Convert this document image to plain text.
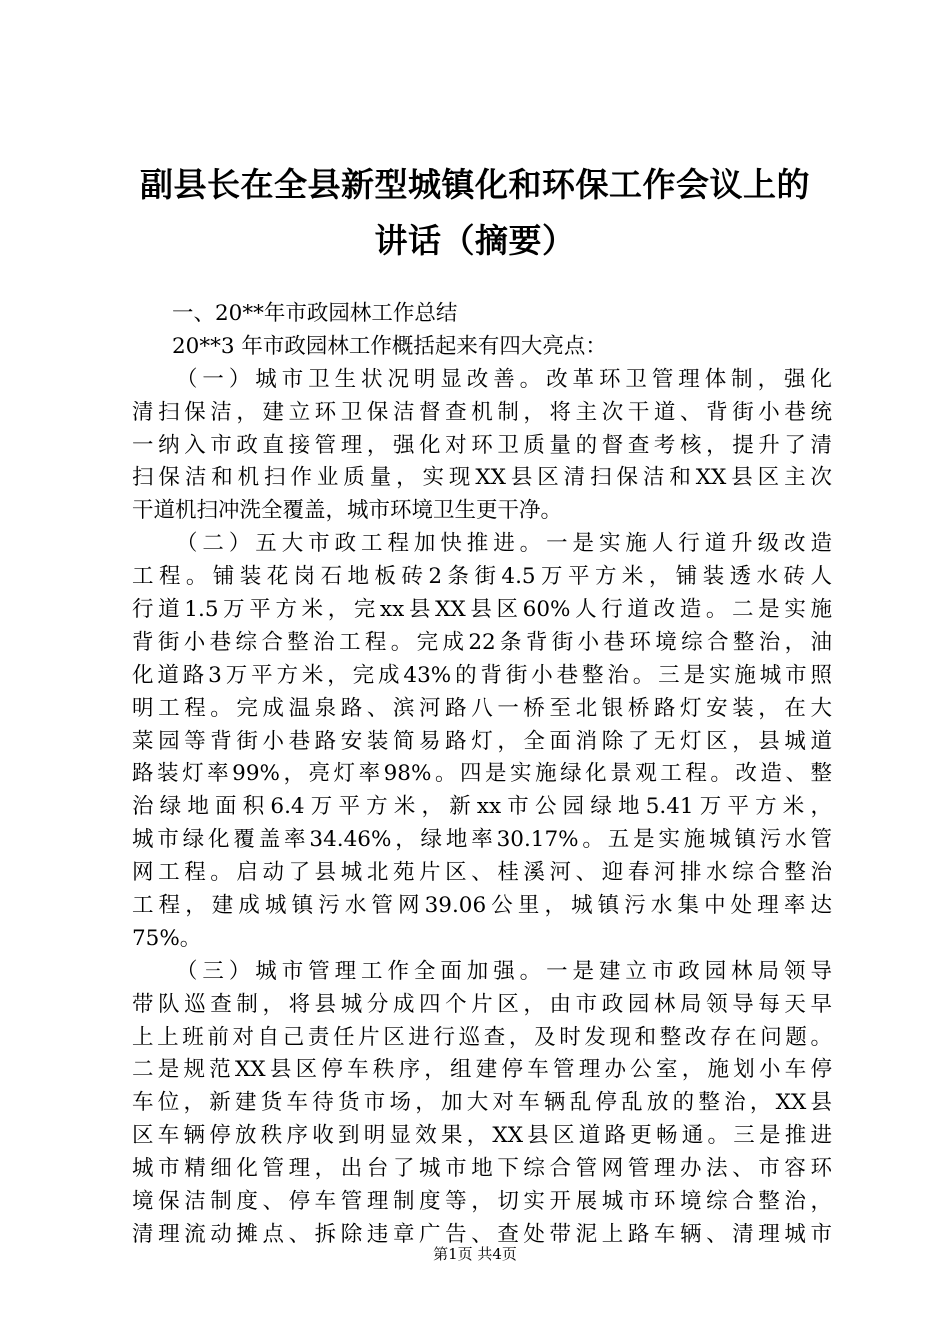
副县长在全县新型城镇化和环保工作会议上的
讲话（摘要）
一、20**年市政园林工作总结
20**3 年市政园林工作概括起来有四大亮点：
（一）城市卫生状况明显改善。改革环卫管理体制，强化
清扫保洁，建立环卫保洁督查机制，将主次干道、背街小巷统
一纳入市政直接管理，强化对环卫质量的督查考核，提升了清
扫保洁和机扫作业质量，实现XX县区清扫保洁和XX县区主次
干道机扫冲洗全覆盖，城市环境卫生更干净。
（二）五大市政工程加快推进。一是实施人行道升级改造
工程。铺装花岗石地板砖2条街4.5万平方米，铺装透水砖人
行道1.5万平方米，完xx县XX县区60%人行道改造。二是实施
背街小巷综合整治工程。完成22条背街小巷环境综合整治，油
化道路3万平方米，完成43%的背街小巷整治。三是实施城市照
明工程。完成温泉路、滨河路八一桥至北银桥路灯安装，在大
菜园等背街小巷路安装简易路灯，全面消除了无灯区，县城道
路装灯率99%，亮灯率98%。四是实施绿化景观工程。改造、整
治绿地面积6.4万平方米，新xx市公园绿地5.41万平方米，
城市绿化覆盖率34.46%，绿地率30.17%。五是实施城镇污水管
网工程。启动了县城北苑片区、桂溪河、迎春河排水综合整治
工程，建成城镇污水管网39.06公里，城镇污水集中处理率达
75%。
（三）城市管理工作全面加强。一是建立市政园林局领导
带队巡查制，将县城分成四个片区，由市政园林局领导每天早
上上班前对自己责任片区进行巡查，及时发现和整改存在问题。
二是规范XX县区停车秩序，组建停车管理办公室，施划小车停
车位，新建货车待货市场，加大对车辆乱停乱放的整治，XX县
区车辆停放秩序收到明显效果，XX县区道路更畅通。三是推进
城市精细化管理，出台了城市地下综合管网管理办法、市容环
境保洁制度、停车管理制度等，切实开展城市环境综合整治，
清理流动摊点、拆除违章广告、查处带泥上路车辆、清理城市
第1页 共4页
